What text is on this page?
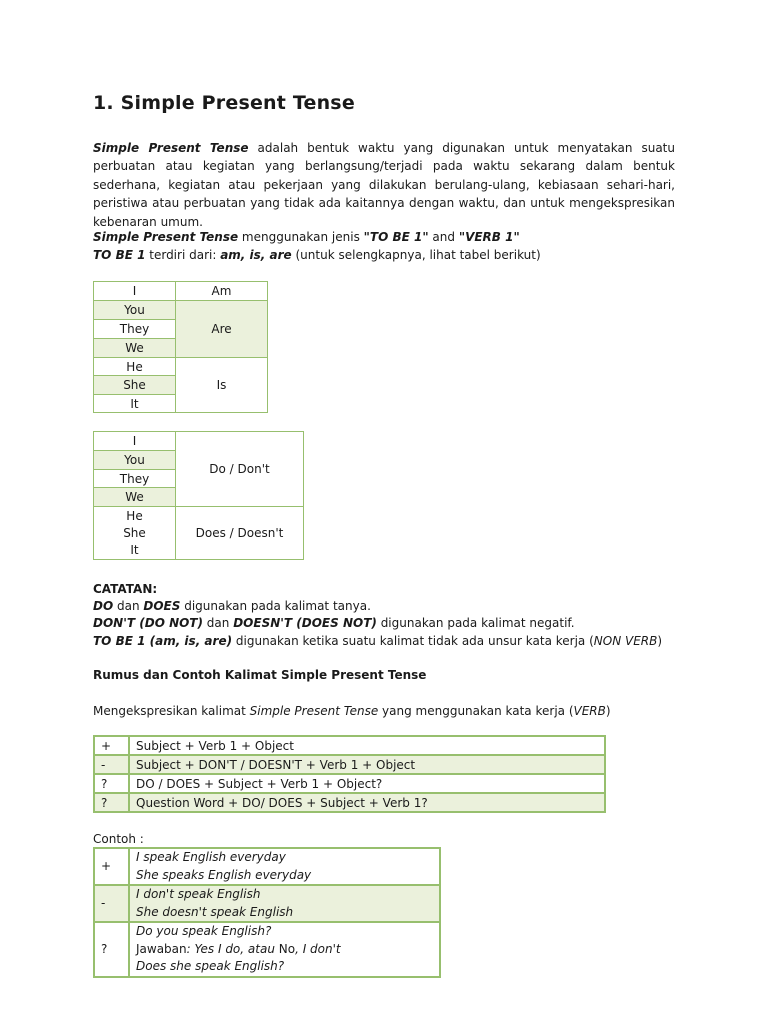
1. Simple Present Tense
Simple Present Tense adalah bentuk waktu yang digunakan untuk menyatakan suatu perbuatan atau kegiatan yang berlangsung/terjadi pada waktu sekarang dalam bentuk sederhana, kegiatan atau pekerjaan yang dilakukan berulang-ulang, kebiasaan sehari-hari, peristiwa atau perbuatan yang tidak ada kaitannya dengan waktu, dan untuk mengekspresikan kebenaran umum.
Simple Present Tense menggunakan jenis "TO BE 1" and "VERB 1"
TO BE 1 terdiri dari: am, is, are (untuk selengkapnya, lihat tabel berikut)
I	Am
You	Are
They	
We	
He	Is
She	
It	
I	Do / Don't
You	
They	
We	

He
She
It	Does / Doesn't
CATATAN:
DO dan DOES digunakan pada kalimat tanya.
DON'T (DO NOT) dan DOESN'T (DOES NOT) digunakan pada kalimat negatif.
TO BE 1 (am, is, are) digunakan ketika suatu kalimat tidak ada unsur kata kerja (NON VERB)
Rumus dan Contoh Kalimat Simple Present Tense
Mengekspresikan kalimat Simple Present Tense yang menggunakan kata kerja (VERB)
+	Subject + Verb 1 + Object
-	Subject + DON'T / DOESN'T + Verb 1 + Object
?	DO / DOES + Subject + Verb 1 + Object?
?	Question Word + DO/ DOES + Subject + Verb 1?
Contoh :
+	I speak English everyday
She speaks English everyday

-	I don't speak English
She doesn't speak English

?	Do you speak English?
Jawaban: Yes I do, atau No, I don't
Does she speak English?
